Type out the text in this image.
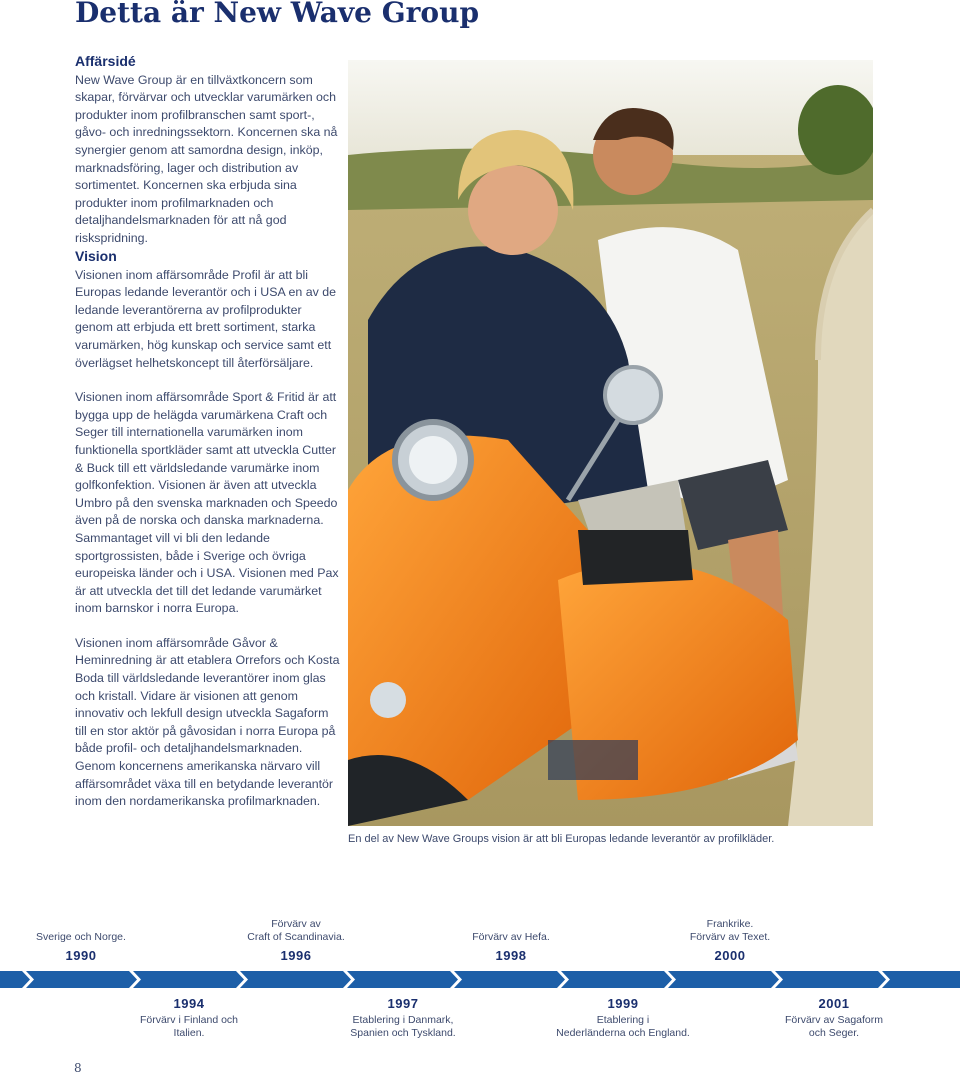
Detta är New Wave Group
Affärsidé

New Wave Group är en tillväxtkoncern som skapar, förvärvar och utvecklar varumärken och produkter inom profilbranschen samt sport-, gåvo- och inredningssektorn. Koncernen ska nå synergier genom att samordna design, inköp, marknadsföring, lager och distribution av sortimentet. Koncernen ska erbjuda sina produkter inom profilmarknaden och detaljhandelsmarknaden för att nå god riskspridning.

Vision

Visionen inom affärsområde Profil är att bli Europas ledande leverantör och i USA en av de ledande leverantörerna av profilprodukter genom att erbjuda ett brett sortiment, starka varumärken, hög kunskap och service samt ett överlägset helhetskoncept till återförsäljare.

Visionen inom affärsområde Sport & Fritid är att bygga upp de helägda varumärkena Craft och Seger till internationella varumärken inom funktionella sportkläder samt att utveckla Cutter & Buck till ett världsledande varumärke inom golfkonfektion. Visionen är även att utveckla Umbro på den svenska marknaden och Speedo även på de norska och danska marknaderna. Sammantaget vill vi bli den ledande sportgrossisten, både i Sverige och övriga europeiska länder och i USA. Visionen med Pax är att utveckla det till det ledande varumärket inom barnskor i norra Europa.

Visionen inom affärsområde Gåvor & Heminredning är att etablera Orrefors och Kosta Boda till världsledande leverantörer inom glas och kristall. Vidare är visionen att genom innovativ och lekfull design utveckla Sagaform till en stor aktör på gåvosidan i norra Europa på både profil- och detaljhandelsmarknaden. Genom koncernens amerikanska närvaro vill affärsområdet växa till en betydande leverantör inom den nordamerikanska profilmarknaden.

En del av New Wave Groups vision är att bli Europas ledande leverantör av profilkläder.

Sverige och Norge.
1990
Förvärv av
Craft of Scandinavia.
1996

Förvärv av Hefa.
1998
Frankrike.
Förvärv av Texet.
2000
1994
Förvärv i Finland och
Italien.
1997
Etablering i Danmark,
Spanien och Tyskland.
1999
Etablering i
Nederländerna och England.
2001
Förvärv av Sagaform
och Seger.
8
